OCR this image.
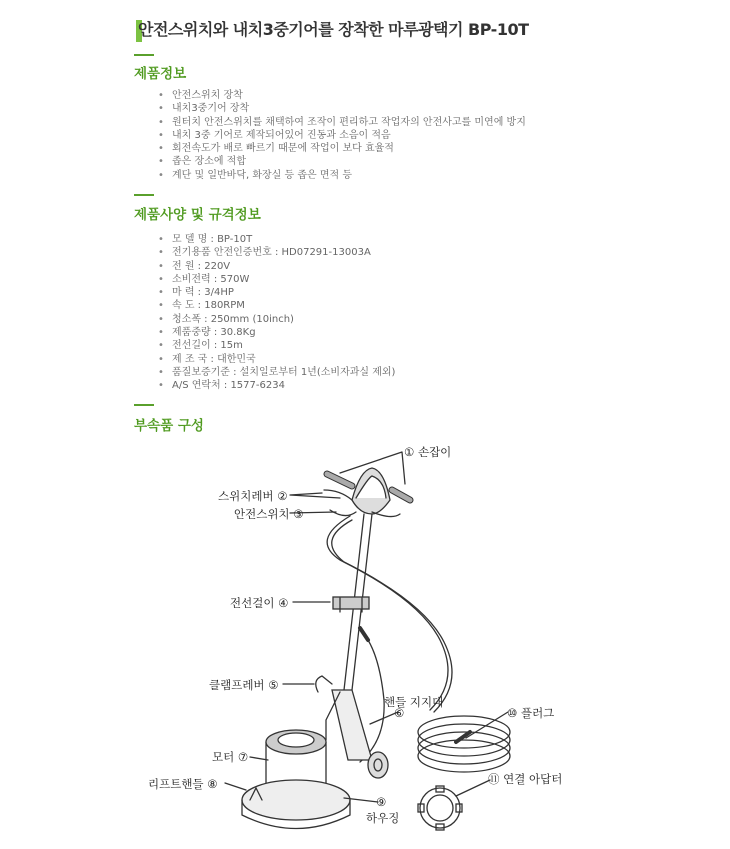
안전스위치와 내치3중기어를 장착한 마루광택기 BP-10T
제품정보
• 안전스위치 장착
• 내치3중기어 장착
• 원터치 안전스위치를 채택하여 조작이 편리하고 작업자의 안전사고를 미연에 방지
• 내치 3중 기어로 제작되어있어 진동과 소음이 적음
• 회전속도가 배로 빠르기 때문에 작업이 보다 효율적
• 좁은 장소에 적합
• 계단 및 일반바닥, 화장실 등 좁은 면적 등
제품사양 및 규격정보
• 모 델 명 : BP-10T
• 전기용품 안전인증번호 : HD07291-13003A
• 전 원 : 220V
• 소비전력 : 570W
• 마 력 : 3/4HP
• 속 도 : 180RPM
• 청소폭 : 250mm (10inch)
• 제품중량 : 30.8Kg
• 전선길이 : 15m
• 제 조 국 : 대한민국
• 품질보증기준 : 설치일로부터 1년(소비자과실 제외)
• A/S 연락처 : 1577-6234
부속품 구성
① 손잡이
스위치레버 ②
안전스위치 ③
전선걸이 ④
클램프레버 ⑤
핸들 지지대
⑥
모터 ⑦
리프트핸들 ⑧
⑨
하우징
⑩ 플러그
⑪ 연결 아답터
